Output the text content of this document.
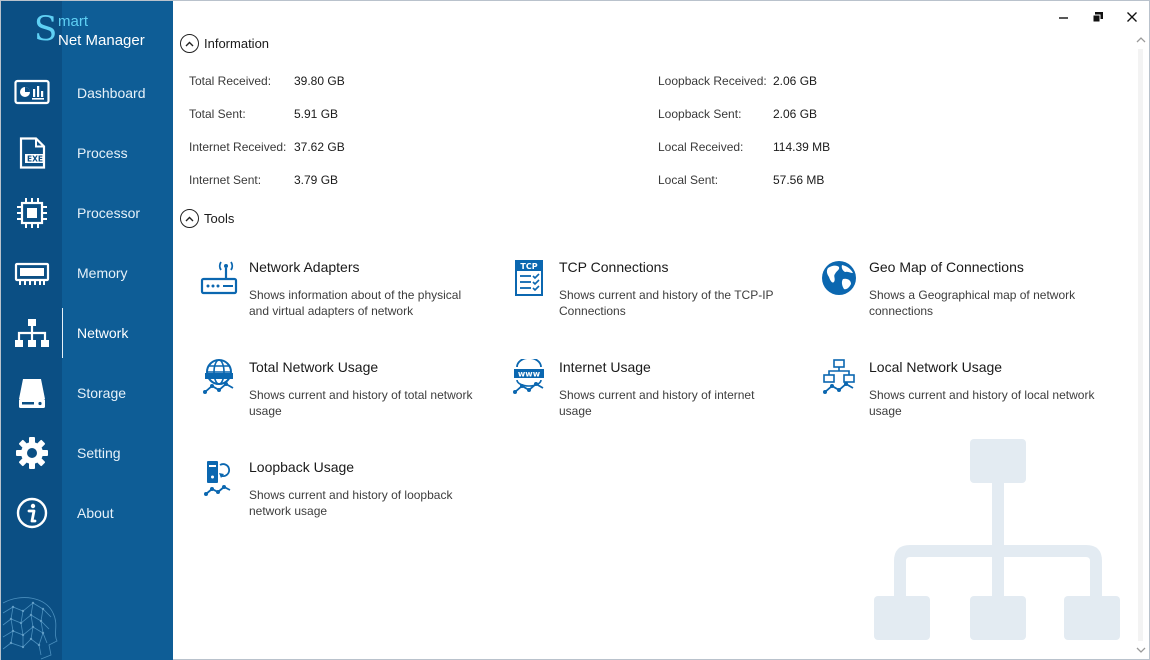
S mart
Net Manager
Dashboard
EXE Process
Processor
Memory
Network
Storage
Setting
About
Information
Total Received: 39.80 GB
Total Sent:	5.91 GB
Internet Received: 37.62 GB
Internet Sent:	3.79 GB
Loopback Received: 2.06 GB
Loopback Sent:	2.06 GB
Local Received: 114.39 MB
Local Sent:	57.56 MB
Tools
Network Adapters
Shows information about of the physical and virtual adapters of network
TCP TCP Connections
Shows current and history of the TCP-IP Connections
Geo Map of Connections
Shows a Geographical map of network connections
Total Network Usage
Shows current and history of total network usage
www Internet Usage
Shows current and history of internet usage
Local Network Usage
Shows current and history of local network usage
Loopback Usage
Shows current and history of loopback network usage
